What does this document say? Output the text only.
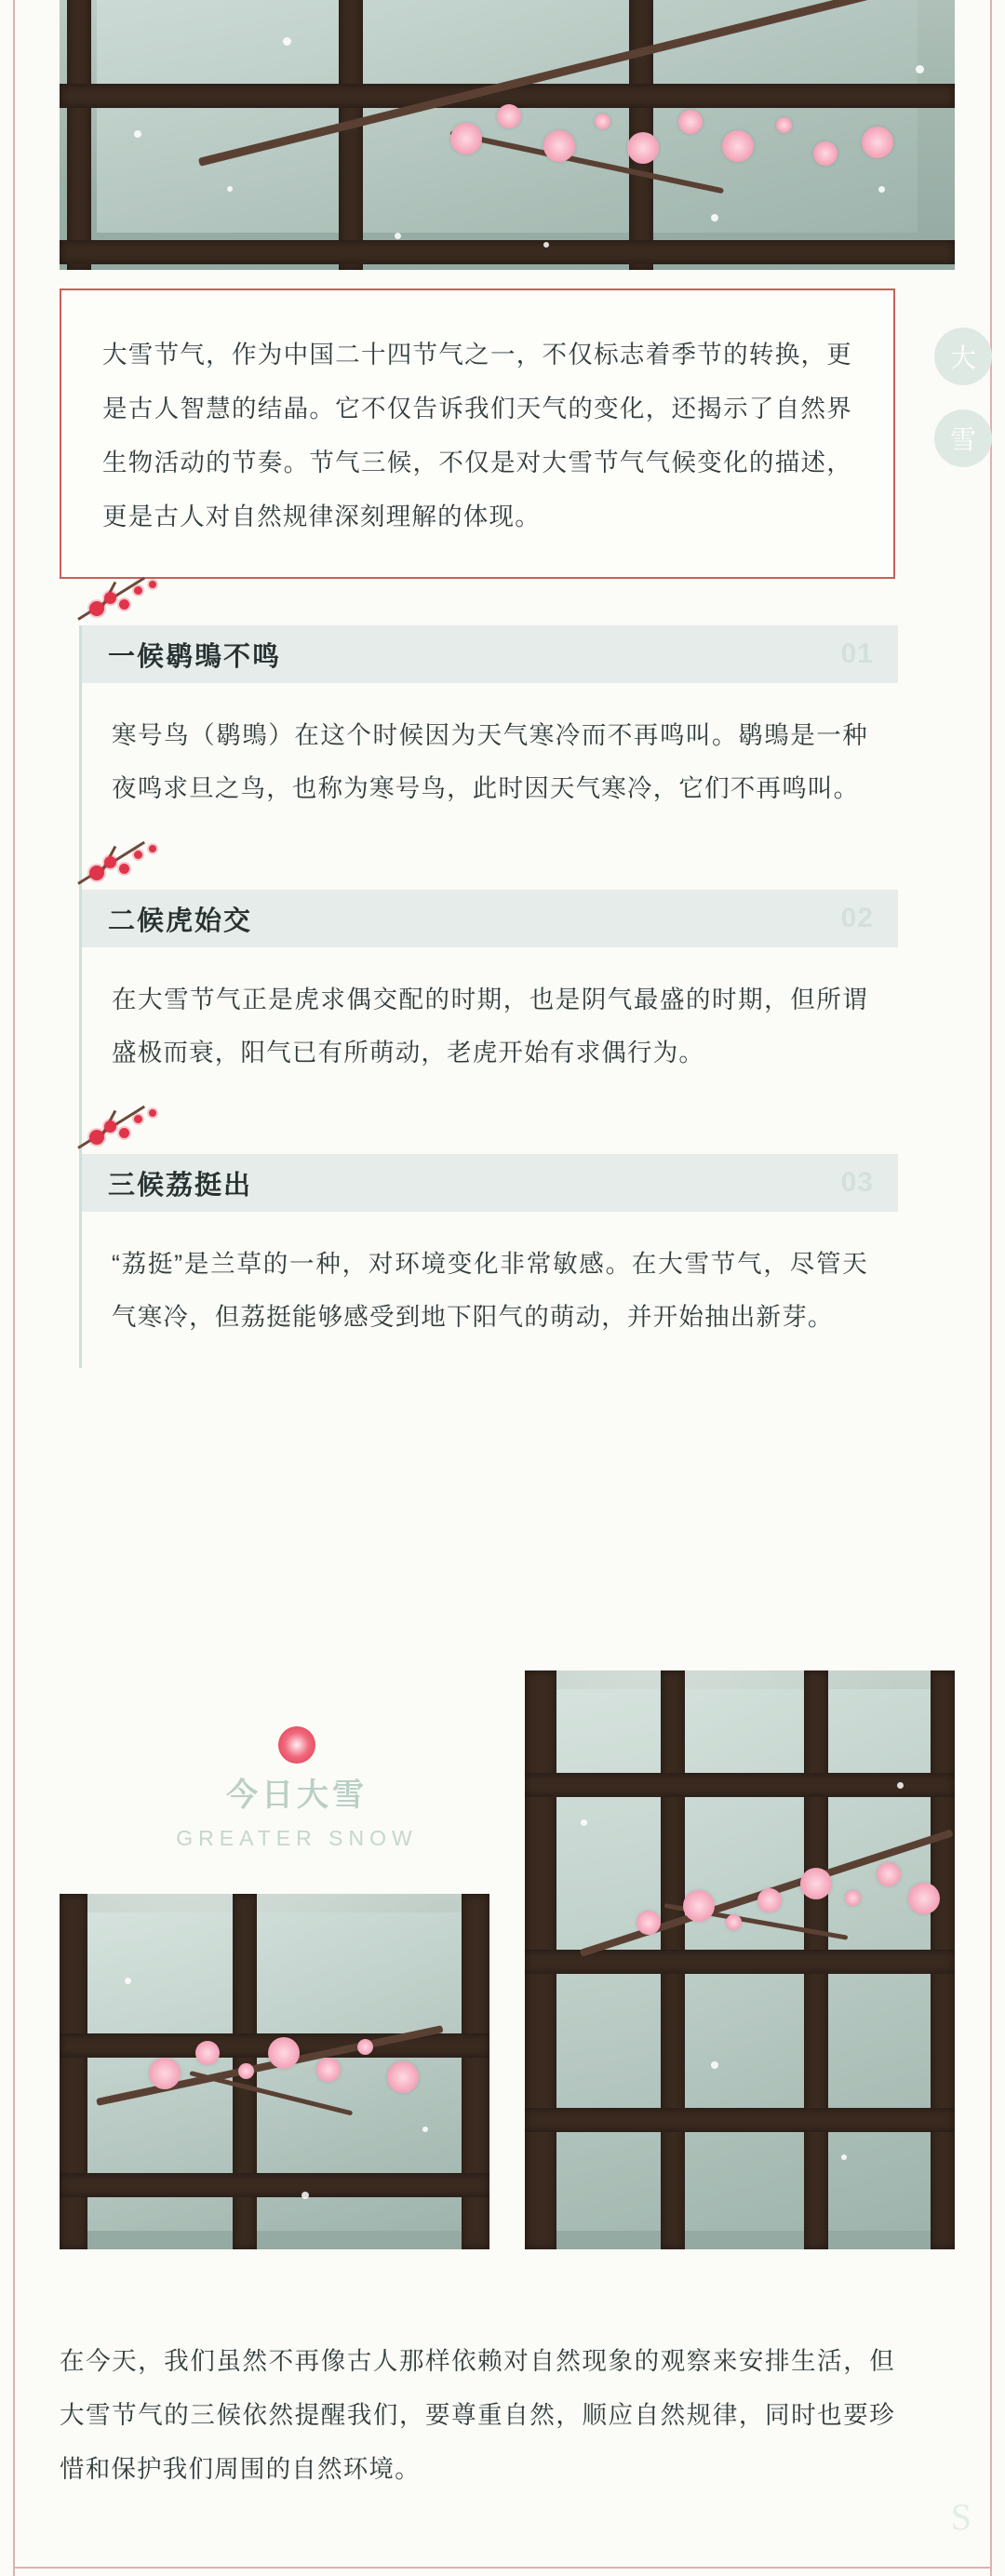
大雪节气，作为中国二十四节气之一，不仅标志着季节的转换，更是古人智慧的结晶。它不仅告诉我们天气的变化，还揭示了自然界生物活动的节奏。节气三候，不仅是对大雪节气气候变化的描述，更是古人对自然规律深刻理解的体现。
大
雪
一候鹖鴠不鸣	01
寒号鸟（鹖鴠）在这个时候因为天气寒冷而不再鸣叫。鹖鴠是一种夜鸣求旦之鸟，也称为寒号鸟，此时因天气寒冷，它们不再鸣叫。
二候虎始交	02
在大雪节气正是虎求偶交配的时期，也是阴气最盛的时期，但所谓盛极而衰，阳气已有所萌动，老虎开始有求偶行为。
三候荔挺出	03
“荔挺”是兰草的一种，对环境变化非常敏感。在大雪节气，尽管天气寒冷，但荔挺能够感受到地下阳气的萌动，并开始抽出新芽。
今日大雪
GREATER SNOW
在今天，我们虽然不再像古人那样依赖对自然现象的观察来安排生活，但大雪节气的三候依然提醒我们，要尊重自然，顺应自然规律，同时也要珍惜和保护我们周围的自然环境。
S
